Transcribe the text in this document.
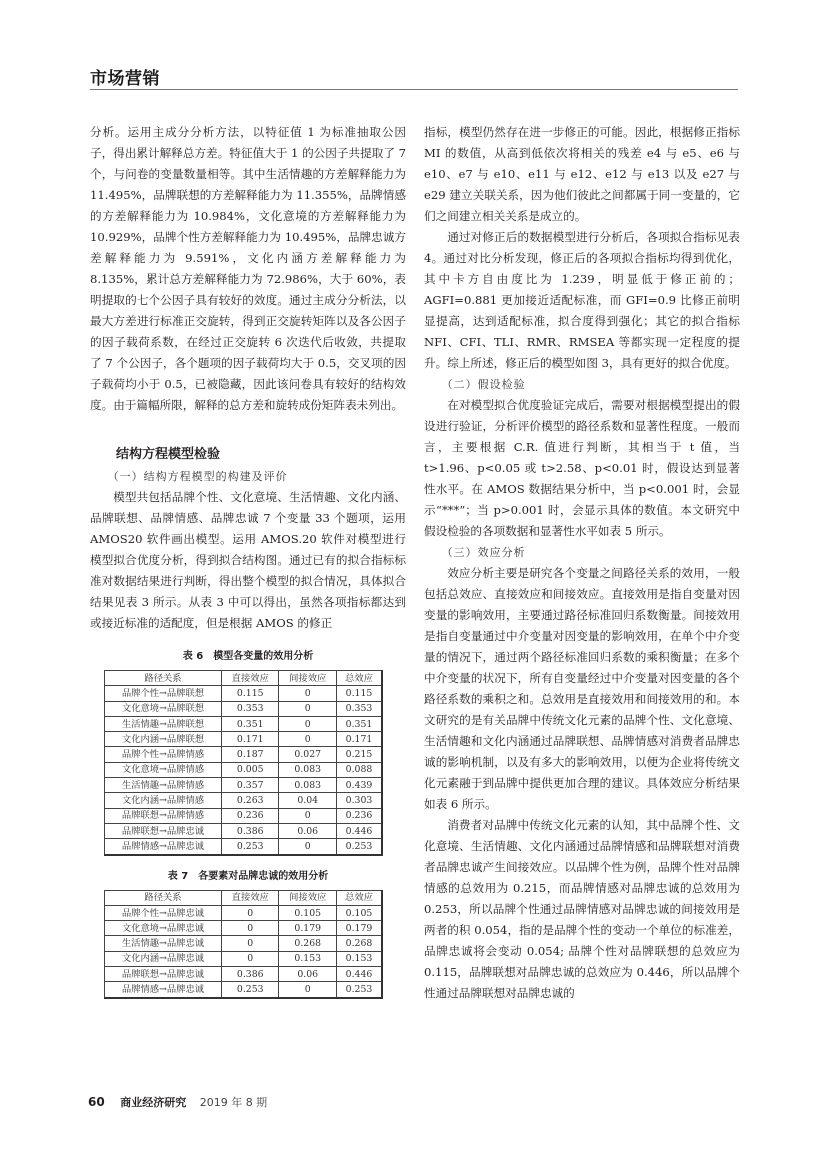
市场营销

分析。运用主成分分析方法，以特征值 1 为标准抽取公因子，得出累计解释总方差。特征值大于 1 的公因子共提取了 7 个，与问卷的变量数量相等。其中生活情趣的方差解释能力为 11.495%，品牌联想的方差解释能力为 11.355%，品牌情感的方差解释能力为 10.984%，文化意境的方差解释能力为 10.929%，品牌个性方差解释能力为 10.495%，品牌忠诚方差解释能力为 9.591%，文化内涵方差解释能力为 8.135%，累计总方差解释能力为 72.986%，大于 60%，表明提取的七个公因子具有较好的效度。通过主成分分析法，以最大方差进行标准正交旋转，得到正交旋转矩阵以及各公因子的因子载荷系数，在经过正交旋转 6 次迭代后收敛，共提取了 7 个公因子，各个题项的因子载荷均大于 0.5，交叉项的因子载荷均小于 0.5，已被隐藏，因此该问卷具有较好的结构效度。由于篇幅所限，解释的总方差和旋转成份矩阵表未列出。

结构方程模型检验

（一）结构方程模型的构建及评价

模型共包括品牌个性、文化意境、生活情趣、文化内涵、品牌联想、品牌情感、品牌忠诚 7 个变量 33 个题项，运用 AMOS20 软件画出模型。运用 AMOS.20 软件对模型进行模型拟合优度分析，得到拟合结构图。通过已有的拟合指标标准对数据结果进行判断，得出整个模型的拟合情况，具体拟合结果见表 3 所示。从表 3 中可以得出，虽然各项指标都达到或接近标准的适配度，但是根据 AMOS 的修正

表 6　模型各变量的效用分析
路径关系	直接效应	间接效应	总效应
品牌个性→品牌联想	0.115	0	0.115
文化意境→品牌联想	0.353	0	0.353
生活情趣→品牌联想	0.351	0	0.351
文化内涵→品牌联想	0.171	0	0.171
品牌个性→品牌情感	0.187	0.027	0.215
文化意境→品牌情感	0.005	0.083	0.088
生活情趣→品牌情感	0.357	0.083	0.439
文化内涵→品牌情感	0.263	0.04	0.303
品牌联想→品牌情感	0.236	0	0.236
品牌联想→品牌忠诚	0.386	0.06	0.446
品牌情感→品牌忠诚	0.253	0	0.253
表 7　各要素对品牌忠诚的效用分析
路径关系	直接效应	间接效应	总效应
品牌个性→品牌忠诚	0	0.105	0.105
文化意境→品牌忠诚	0	0.179	0.179
生活情趣→品牌忠诚	0	0.268	0.268
文化内涵→品牌忠诚	0	0.153	0.153
品牌联想→品牌忠诚	0.386	0.06	0.446
品牌情感→品牌忠诚	0.253	0	0.253

指标，模型仍然存在进一步修正的可能。因此，根据修正指标 MI 的数值，从高到低依次将相关的残差 e4 与 e5、e6 与 e10、e7 与 e10、e11 与 e12、e12 与 e13 以及 e27 与 e29 建立关联关系，因为他们彼此之间都属于同一变量的，它们之间建立相关关系是成立的。

通过对修正后的数据模型进行分析后，各项拟合指标见表 4。通过对比分析发现，修正后的各项拟合指标均得到优化，其中卡方自由度比为 1.239，明显低于修正前的；AGFI=0.881 更加接近适配标准，而 GFI=0.9 比修正前明显提高，达到适配标准，拟合度得到强化；其它的拟合指标 NFI、CFI、TLI、RMR、RMSEA 等都实现一定程度的提升。综上所述，修正后的模型如图 3，具有更好的拟合优度。

（二）假设检验

在对模型拟合优度验证完成后，需要对根据模型提出的假设进行验证，分析评价模型的路径系数和显著性程度。一般而言，主要根据 C.R. 值进行判断，其相当于 t 值，当 t>1.96、p<0.05 或 t>2.58、p<0.01 时，假设达到显著性水平。在 AMOS 数据结果分析中，当 p<0.001 时，会显示“***”；当 p>0.001 时，会显示具体的数值。本文研究中假设检验的各项数据和显著性水平如表 5 所示。

（三）效应分析

效应分析主要是研究各个变量之间路径关系的效用，一般包括总效应、直接效应和间接效应。直接效用是指自变量对因变量的影响效用，主要通过路径标准回归系数衡量。间接效用是指自变量通过中介变量对因变量的影响效用，在单个中介变量的情况下，通过两个路径标准回归系数的乘积衡量；在多个中介变量的状况下，所有自变量经过中介变量对因变量的各个路径系数的乘积之和。总效用是直接效用和间接效用的和。本文研究的是有关品牌中传统文化元素的品牌个性、文化意境、生活情趣和文化内涵通过品牌联想、品牌情感对消费者品牌忠诚的影响机制，以及有多大的影响效用，以便为企业将传统文化元素融于到品牌中提供更加合理的建议。具体效应分析结果如表 6 所示。

消费者对品牌中传统文化元素的认知，其中品牌个性、文化意境、生活情趣、文化内涵通过品牌情感和品牌联想对消费者品牌忠诚产生间接效应。以品牌个性为例，品牌个性对品牌情感的总效用为 0.215，而品牌情感对品牌忠诚的总效用为 0.253，所以品牌个性通过品牌情感对品牌忠诚的间接效用是两者的积 0.054，指的是品牌个性的变动一个单位的标准差，品牌忠诚将会变动 0.054; 品牌个性对品牌联想的总效应为 0.115，品牌联想对品牌忠诚的总效应为 0.446，所以品牌个性通过品牌联想对品牌忠诚的

60 商业经济研究 2019 年 8 期
